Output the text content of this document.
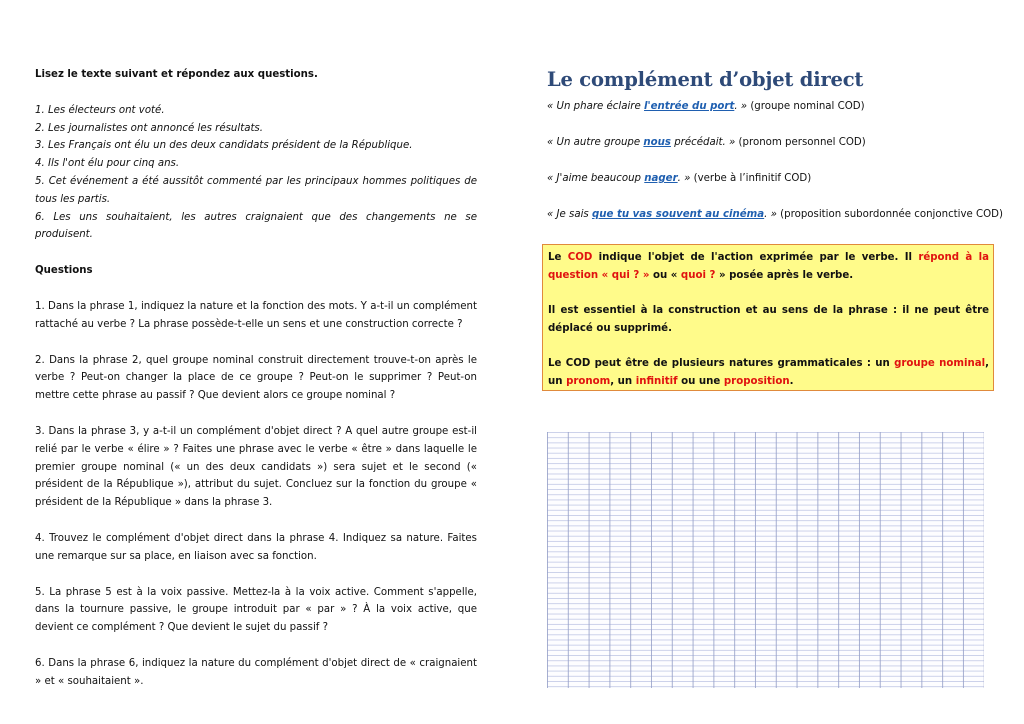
Lisez le texte suivant et répondez aux questions.

1. Les électeurs ont voté.

2. Les journalistes ont annoncé les résultats.

3. Les Français ont élu un des deux candidats président de la République.

4. Ils l'ont élu pour cinq ans.

5. Cet événement a été aussitôt commenté par les principaux hommes politiques de tous les partis.

6. Les uns souhaitaient, les autres craignaient que des changements ne se produisent.

Questions

1. Dans la phrase 1, indiquez la nature et la fonction des mots. Y a-t-il un complément rattaché au verbe ? La phrase possède-t-elle un sens et une construction correcte ?

2. Dans la phrase 2, quel groupe nominal construit directement trouve-t-on après le verbe ? Peut-on changer la place de ce groupe ? Peut-on le supprimer ? Peut-on mettre cette phrase au passif ? Que devient alors ce groupe nominal ?

3. Dans la phrase 3, y a-t-il un complément d'objet direct ? A quel autre groupe est-il relié par le verbe « élire » ? Faites une phrase avec le verbe « être » dans laquelle le premier groupe nominal (« un des deux candidats ») sera sujet et le second (« président de la République »), attribut du sujet. Concluez sur la fonction du groupe « président de la République » dans la phrase 3.

4. Trouvez le complément d'objet direct dans la phrase 4. Indiquez sa nature. Faites une remarque sur sa place, en liaison avec sa fonction.

5. La phrase 5 est à la voix passive. Mettez-la à la voix active. Comment s'appelle, dans la tournure passive, le groupe introduit par « par » ? À la voix active, que devient ce complément ? Que devient le sujet du passif ?

6. Dans la phrase 6, indiquez la nature du complément d'objet direct de « craignaient » et « souhaitaient ».

Le complément d’objet direct
« Un phare éclaire l'entrée du port. » (groupe nominal COD)
« Un autre groupe nous précédait. » (pronom personnel COD)
« J'aime beaucoup nager. » (verbe à l’infinitif COD)
« Je sais que tu vas souvent au cinéma. » (proposition subordonnée conjonctive COD)

Le COD indique l'objet de l'action exprimée par le verbe. Il répond à la question « qui ? » ou « quoi ? » posée après le verbe.

Il est essentiel à la construction et au sens de la phrase : il ne peut être déplacé ou supprimé.

Le COD peut être de plusieurs natures grammaticales : un groupe nominal, un pronom, un infinitif ou une proposition.
